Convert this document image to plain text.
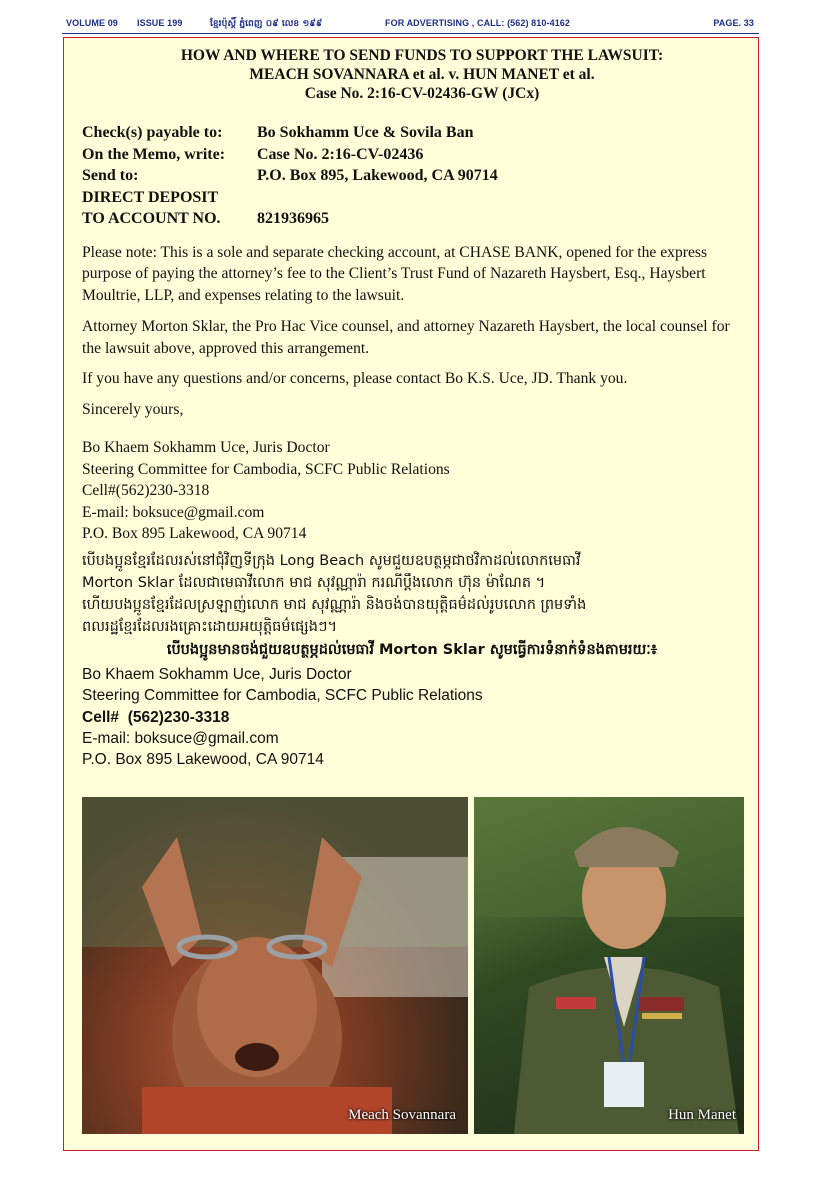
VOLUME 09 ISSUE 199	ខ្មែរប៉ុស្តិ៍ ភ្នំពេញ ០៩ លេខ ១៩៩	FOR ADVERTISING , CALL: (562) 810-4162	PAGE. 33
HOW AND WHERE TO SEND FUNDS TO SUPPORT THE LAWSUIT:
MEACH SOVANNARA et al. v. HUN MANET et al.
Case No. 2:16-CV-02436-GW (JCx)
Check(s) payable to:	Bo Sokhamm Uce & Sovila Ban
On the Memo, write:	Case No. 2:16-CV-02436
Send to:	P.O. Box 895, Lakewood, CA 90714
DIRECT DEPOSIT
TO ACCOUNT NO.	821936965
Please note: This is a sole and separate checking account, at CHASE BANK, opened for the express purpose of paying the attorney’s fee to the Client’s Trust Fund of Nazareth Haysbert, Esq., Haysbert Moultrie, LLP, and expenses relating to the lawsuit.
Attorney Morton Sklar, the Pro Hac Vice counsel, and attorney Nazareth Haysbert, the local counsel for the lawsuit above, approved this arrangement.
If you have any questions and/or concerns, please contact Bo K.S. Uce, JD. Thank you.
Sincerely yours,
Bo Khaem Sokhamm Uce, Juris Doctor
Steering Committee for Cambodia, SCFC Public Relations
Cell#(562)230-3318
E-mail: boksuce@gmail.com
P.O. Box 895 Lakewood, CA 90714
បើបងប្អូនខ្មែរដែលរស់នៅជុំវិញទីក្រុង Long Beach សូមជួយឧបត្ថម្ភជាថវិកាដល់លោកមេធាវី
Morton Sklar ដែលជាមេធាវីលោក មាជ សុវណ្ណារ៉ា ករណីប្តឹងលោក ហ៊ុន ម៉ាណែត ។
ហើយបងប្អូនខ្មែរដែលស្រឡាញ់លោក មាជ សុវណ្ណារ៉ា និងចង់បានយុត្តិធម៌ដល់រូបលោក ព្រមទាំង
ពលរដ្ឋខ្មែរដែលរងគ្រោះដោយអយុត្តិធម៌ផ្សេងៗ។
បើបងប្អូនមានចង់ជួយឧបត្ថម្ភដល់មេធាវី Morton Sklar សូមធ្វើការទំនាក់ទំនងតាមរយៈ៖
Bo Khaem Sokhamm Uce, Juris Doctor
Steering Committee for Cambodia, SCFC Public Relations
Cell# (562)230-3318
E-mail: boksuce@gmail.com
P.O. Box 895 Lakewood, CA 90714
Meach Sovannara	Hun Manet
